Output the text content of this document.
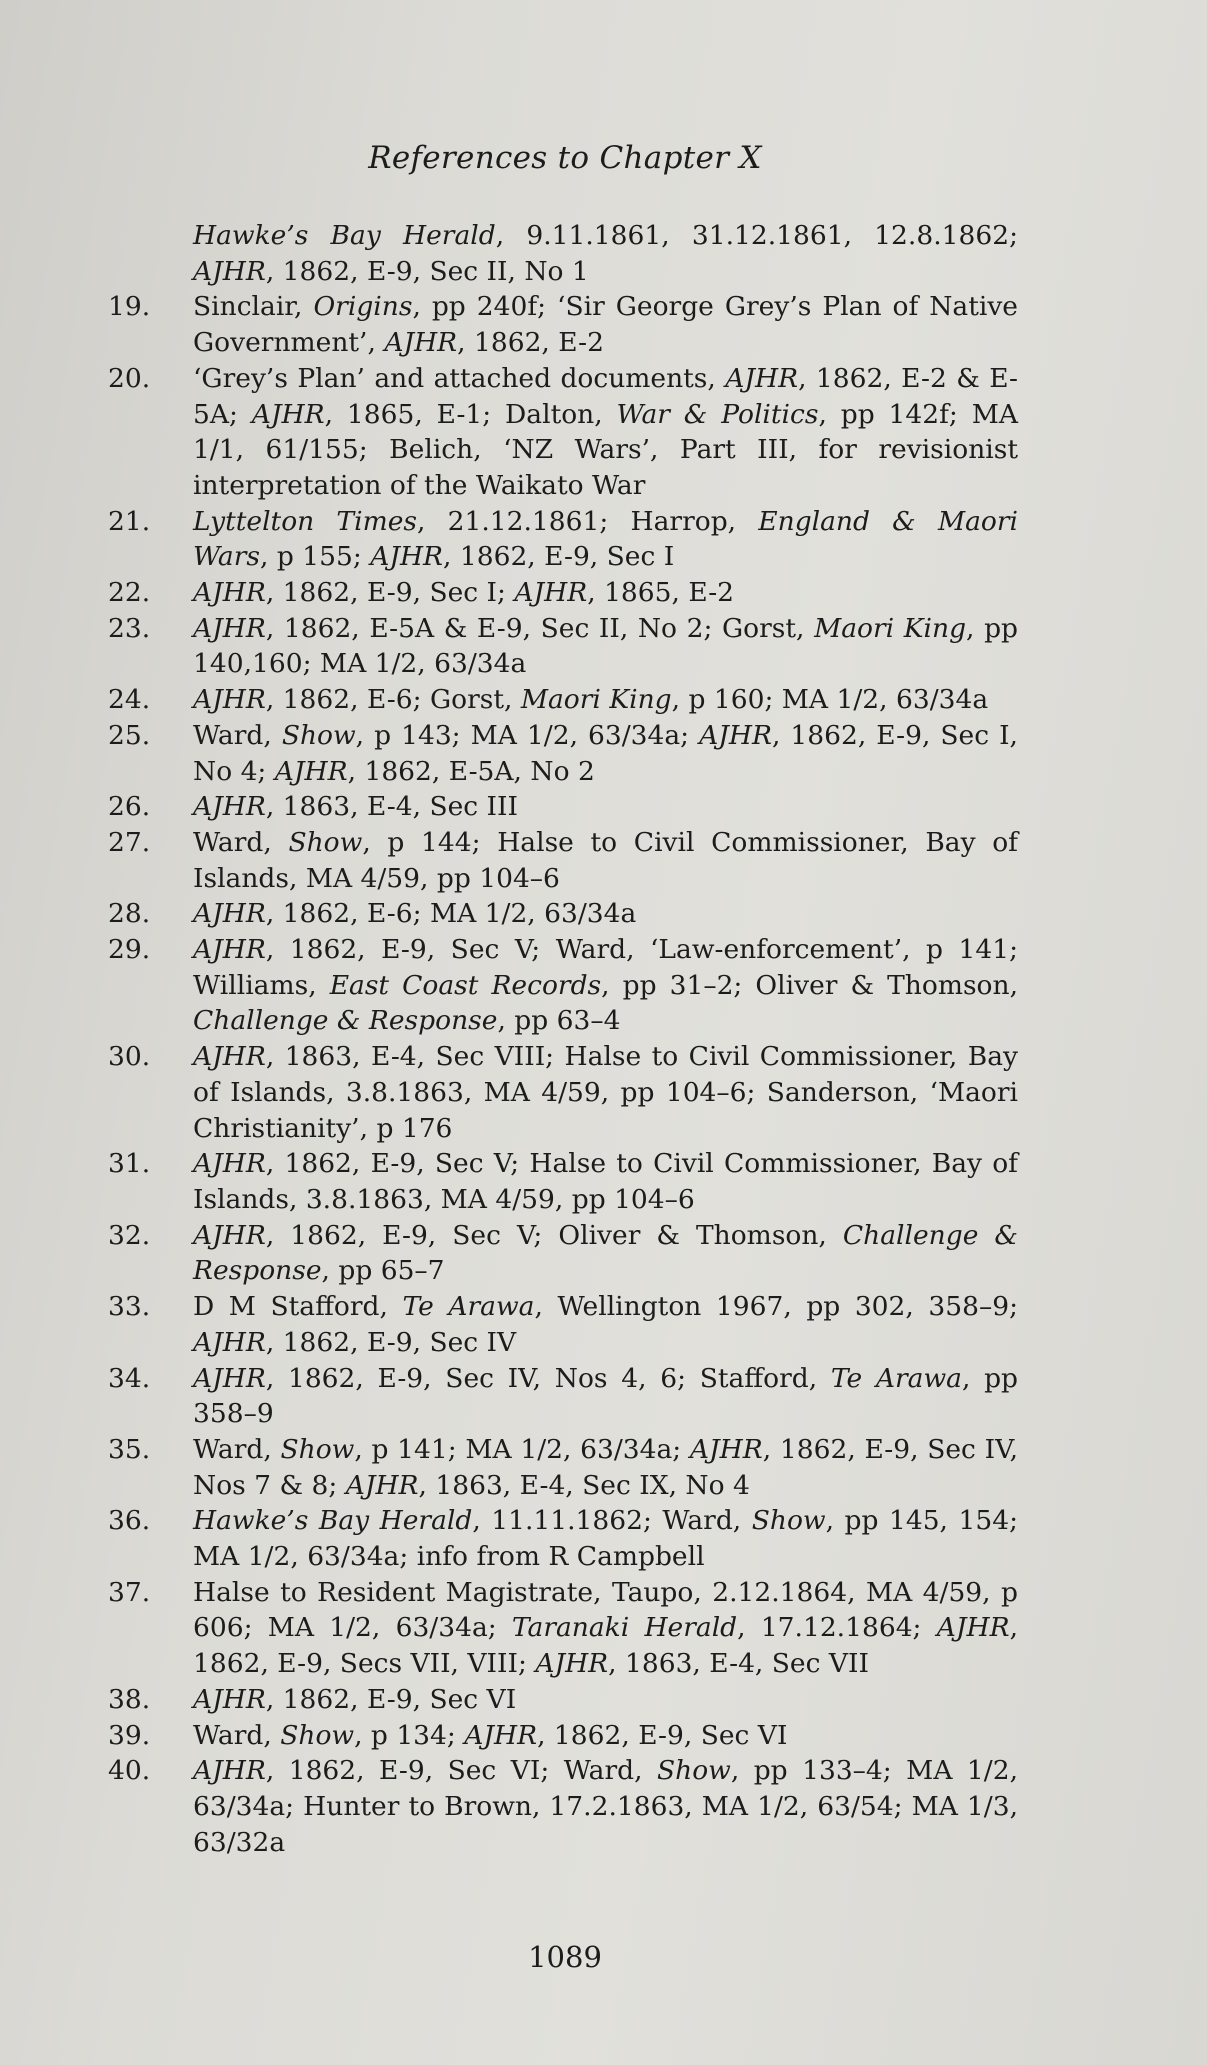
References to Chapter X
Hawke’s Bay Herald, 9.11.1861, 31.12.1861, 12.8.1862; AJHR, 1862, E-9, Sec II, No 1
19. Sinclair, Origins, pp 240f; ‘Sir George Grey’s Plan of Native Government’, AJHR, 1862, E-2
20. ‘Grey’s Plan’ and attached documents, AJHR, 1862, E-2 & E-5A; AJHR, 1865, E-1; Dalton, War & Politics, pp 142f; MA 1/1, 61/155; Belich, ‘NZ Wars’, Part III, for revisionist interpretation of the Waikato War
21. Lyttelton Times, 21.12.1861; Harrop, England & Maori Wars, p 155; AJHR, 1862, E-9, Sec I
22. AJHR, 1862, E-9, Sec I; AJHR, 1865, E-2
23. AJHR, 1862, E-5A & E-9, Sec II, No 2; Gorst, Maori King, pp 140,160; MA 1/2, 63/34a
24. AJHR, 1862, E-6; Gorst, Maori King, p 160; MA 1/2, 63/34a
25. Ward, Show, p 143; MA 1/2, 63/34a; AJHR, 1862, E-9, Sec I, No 4; AJHR, 1862, E-5A, No 2
26. AJHR, 1863, E-4, Sec III
27. Ward, Show, p 144; Halse to Civil Commissioner, Bay of Islands, MA 4/59, pp 104–6
28. AJHR, 1862, E-6; MA 1/2, 63/34a
29. AJHR, 1862, E-9, Sec V; Ward, ‘Law-enforcement’, p 141; Williams, East Coast Records, pp 31–2; Oliver & Thomson, Challenge & Response, pp 63–4
30. AJHR, 1863, E-4, Sec VIII; Halse to Civil Commissioner, Bay of Islands, 3.8.1863, MA 4/59, pp 104–6; Sanderson, ‘Maori Christianity’, p 176
31. AJHR, 1862, E-9, Sec V; Halse to Civil Commissioner, Bay of Islands, 3.8.1863, MA 4/59, pp 104–6
32. AJHR, 1862, E-9, Sec V; Oliver & Thomson, Challenge & Response, pp 65–7
33. D M Stafford, Te Arawa, Wellington 1967, pp 302, 358–9; AJHR, 1862, E-9, Sec IV
34. AJHR, 1862, E-9, Sec IV, Nos 4, 6; Stafford, Te Arawa, pp 358–9
35. Ward, Show, p 141; MA 1/2, 63/34a; AJHR, 1862, E-9, Sec IV, Nos 7 & 8; AJHR, 1863, E-4, Sec IX, No 4
36. Hawke’s Bay Herald, 11.11.1862; Ward, Show, pp 145, 154; MA 1/2, 63/34a; info from R Campbell
37. Halse to Resident Magistrate, Taupo, 2.12.1864, MA 4/59, p 606; MA 1/2, 63/34a; Taranaki Herald, 17.12.1864; AJHR, 1862, E-9, Secs VII, VIII; AJHR, 1863, E-4, Sec VII
38. AJHR, 1862, E-9, Sec VI
39. Ward, Show, p 134; AJHR, 1862, E-9, Sec VI
40. AJHR, 1862, E-9, Sec VI; Ward, Show, pp 133–4; MA 1/2, 63/34a; Hunter to Brown, 17.2.1863, MA 1/2, 63/54; MA 1/3, 63/32a
1089
